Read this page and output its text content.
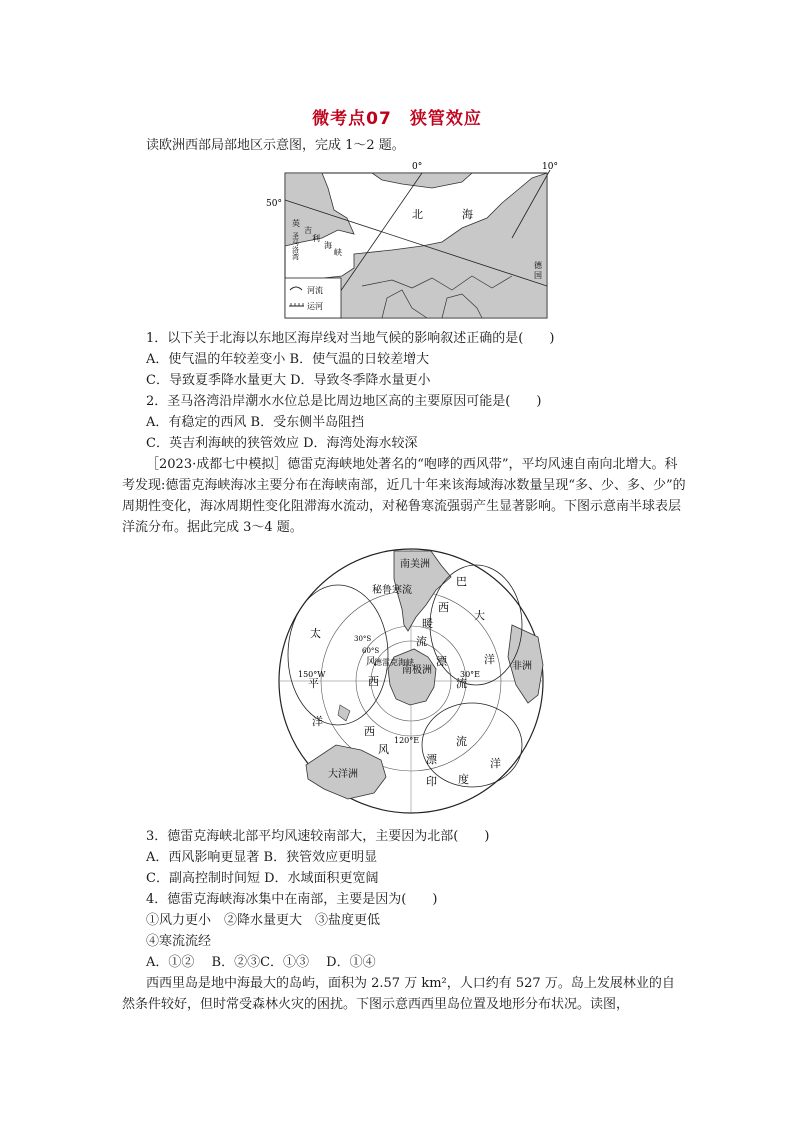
微考点07　狭管效应
读欧洲西部局部地区示意图，完成 1～2 题。
河流
运河
0°	10°
50°
北	海
英
吉
利
海
峡
德
国
圣
马
洛
湾
1．以下关于北海以东地区海岸线对当地气候的影响叙述正确的是(　　)
A．使气温的年较差变小 B．使气温的日较差增大
C．导致夏季降水量更大 D．导致冬季降水量更小
2．圣马洛湾沿岸潮水水位总是比周边地区高的主要原因可能是(　　)
A．有稳定的西风 B．受东侧半岛阻挡
C．英吉利海峡的狭管效应 D．海湾处海水较深
［2023·成都七中模拟］德雷克海峡地处著名的“咆哮的西风带”，平均风速自南向北增大。科考发现:德雷克海峡海冰主要分布在海峡南部，近几十年来该海域海冰数量呈现“多、少、多、少”的周期性变化，海冰周期性变化阻滞海水流动，对秘鲁寒流强弱产生显著影响。下图示意南半球表层洋流分布。据此完成 3～4 题。
南美洲
巴
西
秘鲁寒流
暖
流
大
洋
太
平
洋
风
德雷克海峡
西	流
漂
流
西
风
漂
印 度
洋
30°S
60°S
150°W	30°E
120°E
非洲
南极洲
大洋洲
3．德雷克海峡北部平均风速较南部大，主要因为北部(　　)
A．西风影响更显著 B．狭管效应更明显
C．副高控制时间短 D．水域面积更宽阔
4．德雷克海峡海冰集中在南部，主要是因为(　　)
①风力更小　②降水量更大　③盐度更低
④寒流流经
A．①②　 B．②③C．①③　 D．①④
西西里岛是地中海最大的岛屿，面积为 2.57 万 km²，人口约有 527 万。岛上发展林业的自然条件较好，但时常受森林火灾的困扰。下图示意西西里岛位置及地形分布状况。读图，
